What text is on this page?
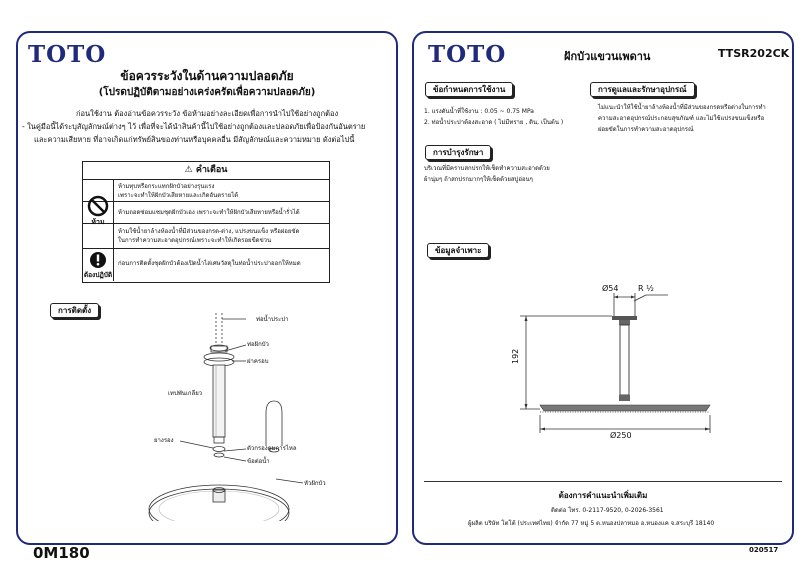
TOTO
ข้อควรระวังในด้านความปลอดภัย
(โปรดปฏิบัติตามอย่างเคร่งครัดเพื่อความปลอดภัย)
ก่อนใช้งาน ต้องอ่านข้อควรระวัง ข้อห้ามอย่างละเอียดเพื่อการนำไปใช้อย่างถูกต้อง
- ในคู่มือนี้ได้ระบุสัญลักษณ์ต่างๆ ไว้ เพื่อที่จะได้นำสินค้านี้ไปใช้อย่างถูกต้องและปลอดภัยเพื่อป้องกันอันตราย
และความเสียหาย ที่อาจเกิดแก่ทรัพย์สินของท่านหรือบุคคลอื่น มีสัญลักษณ์และความหมาย ดังต่อไปนี้
⚠ คำเตือน
ห้ามทุบหรือกระแทกฝักบัวอย่างรุนแรง
เพราะจะทำให้ฝักบัวเสียหายและเกิดอันตรายได้
ห้ามถอดซ่อมแซมชุดฝักบัวเอง เพราะจะทำให้ฝักบัวเสียหายหรือน้ำรั่วได้
ห้ามใช้น้ำยาล้างห้องน้ำที่มีส่วนของกรด-ด่าง, แปรงขนแข็ง หรือฝอยขัด
ในการทำความสะอาดอุปกรณ์เพราะจะทำให้เกิดรอยขีดข่วน
ก่อนการติดตั้งชุดฝักบัวต้องเปิดน้ำไล่เศษวัสดุในท่อน้ำประปาออกให้หมด
ห้าม
ต้องปฏิบัติ
การติดตั้ง
ท่อน้ำประปา
ท่อฝักบัว
ฝาครอบ
เทปพันเกลียว
ยางรอง
ตัวกรองคุมการไหล
ข้อต่อน้ำ
หัวฝักบัว
0M180
TOTO	ฝักบัวแขวนเพดาน	TTSR202CK
ข้อกำหนดการใช้งาน
1. แรงดันน้ำที่ใช้งาน : 0.05 ~ 0.75 MPa
2. ท่อน้ำประปาต้องสะอาด ( ไม่มีทราย , ดิน, เป็นต้น )
การบำรุงรักษา
บริเวณที่มีคราบสกปรกให้เช็ดทำความสะอาดด้วย
ผ้านุ่มๆ ถ้าสกปรกมากๆให้เช็ดด้วยสบู่อ่อนๆ
การดูแลและรักษาอุปกรณ์
ไม่แนะนำให้ใช้น้ำยาล้างห้องน้ำที่มีส่วนของกรดหรือด่างในการทำ
ความสะอาดอุปกรณ์ประกอบสุขภัณฑ์ และไม่ใช้แปรงขนแข็งหรือ
ฝอยขัดในการทำความสะอาดอุปกรณ์
ข้อมูลจำเพาะ
Ø54 R ½
192
Ø250
ต้องการคำแนะนำเพิ่มเติม
ติดต่อ โทร. 0-2117-9520, 0-2026-3561
ผู้ผลิต บริษัท โตโต้ (ประเทศไทย) จำกัด 77 หมู่ 5 ต.หนองปลาหมอ อ.หนองแค จ.สระบุรี 18140
020517
